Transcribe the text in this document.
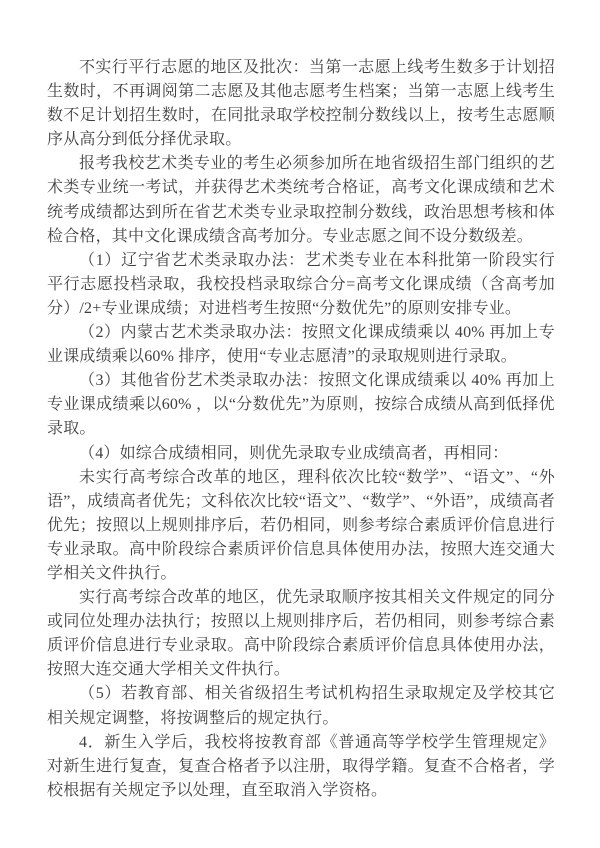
不实行平行志愿的地区及批次：当第一志愿上线考生数多于计划招生数时，不再调阅第二志愿及其他志愿考生档案；当第一志愿上线考生数不足计划招生数时，在同批录取学校控制分数线以上，按考生志愿顺序从高分到低分择优录取。

报考我校艺术类专业的考生必须参加所在地省级招生部门组织的艺术类专业统一考试，并获得艺术类统考合格证，高考文化课成绩和艺术统考成绩都达到所在省艺术类专业录取控制分数线，政治思想考核和体检合格，其中文化课成绩含高考加分。专业志愿之间不设分数级差。

（1）辽宁省艺术类录取办法：艺术类专业在本科批第一阶段实行平行志愿投档录取，我校投档录取综合分=高考文化课成绩（含高考加分）/2+专业课成绩；对进档考生按照“分数优先”的原则安排专业。

（2）内蒙古艺术类录取办法：按照文化课成绩乘以 40% 再加上专业课成绩乘以60% 排序，使用“专业志愿清”的录取规则进行录取。

（3）其他省份艺术类录取办法：按照文化课成绩乘以 40% 再加上专业课成绩乘以60% ，以“分数优先”为原则，按综合成绩从高到低择优录取。

（4）如综合成绩相同，则优先录取专业成绩高者，再相同：

未实行高考综合改革的地区，理科依次比较“数学”、“语文”、“外语”，成绩高者优先；文科依次比较“语文”、“数学”、“外语”，成绩高者优先；按照以上规则排序后，若仍相同，则参考综合素质评价信息进行专业录取。高中阶段综合素质评价信息具体使用办法，按照大连交通大学相关文件执行。

实行高考综合改革的地区，优先录取顺序按其相关文件规定的同分或同位处理办法执行；按照以上规则排序后，若仍相同，则参考综合素质评价信息进行专业录取。高中阶段综合素质评价信息具体使用办法，按照大连交通大学相关文件执行。

（5）若教育部、相关省级招生考试机构招生录取规定及学校其它相关规定调整，将按调整后的规定执行。

4．新生入学后，我校将按教育部《普通高等学校学生管理规定》对新生进行复查，复查合格者予以注册，取得学籍。复查不合格者，学校根据有关规定予以处理，直至取消入学资格。
